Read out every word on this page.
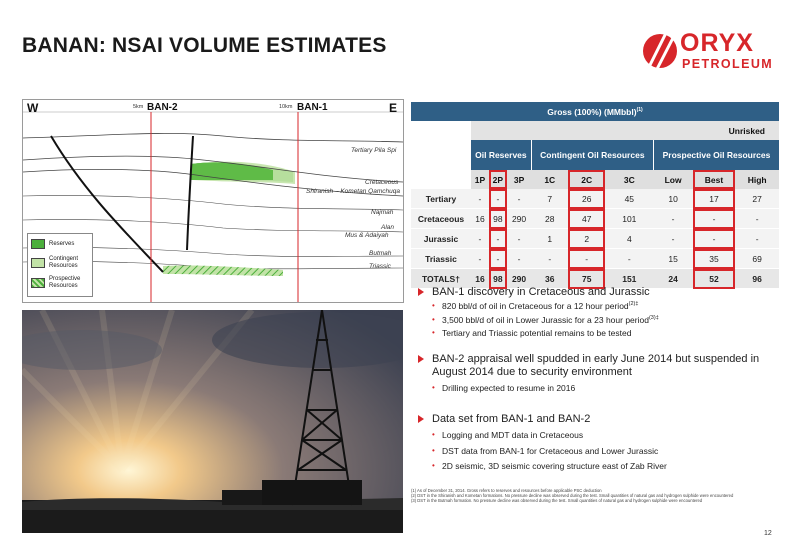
BANAN: NSAI VOLUME ESTIMATES	ORYX
PETROLEUM
W	E
5km	10km
BAN-2	BAN-1
Tertiary Pila Spi
Cretaceous
Shiranish – Kometan Qamchuqa
Najmah
Alan
Mus & Adaiyah
Butmah
Triassic
Reserves
Contingent Resources
Prospective Resources
Gross (100%) (MMbbl)$^{(1)}$
	Unrisked								
	Oil Reserves			Contingent Oil Resources			Prospective Oil Resources		
	1P	2P	3P	1C	2C	3C	Low	Best	High
Tertiary	-	-	-	7	26	45	10	17	27
Cretaceous	16	98	290	28	47	101	-	-	-
Jurassic	-	-	-	1	2	4	-	-	-
Triassic	-	-	-	-	-	-	15	35	69
TOTALS†	16	98	290	36	75	151	24	52	96
BAN-1 discovery in Cretaceous and Jurassic
• 820 bbl/d of oil in Cretaceous for a 12 hour period$^{(2)\ddagger}$
• 3,500 bbl/d of oil in Lower Jurassic for a 23 hour period$^{(3)\ddagger}$
• Tertiary and Triassic potential remains to be tested
BAN-2 appraisal well spudded in early June 2014 but suspended in August 2014 due to security environment
• Drilling expected to resume in 2016
Data set from BAN-1 and BAN-2
• Logging and MDT data in Cretaceous
• DST data from BAN-1 for Cretaceous and Lower Jurassic
• 2D seismic, 3D seismic covering structure east of Zab River
(1) As of December 31, 2014. Gross refers to reserves and resources before applicable PSC deduction
(2) DST in the Shiranish and Kometan formations. No pressure decline was observed during the test. Small quantities of natural gas and hydrogen sulphide were encountered
(3) DST in the Butmah formation. No pressure decline was observed during the test. Small quantities of natural gas and hydrogen sulphide were encountered
12
